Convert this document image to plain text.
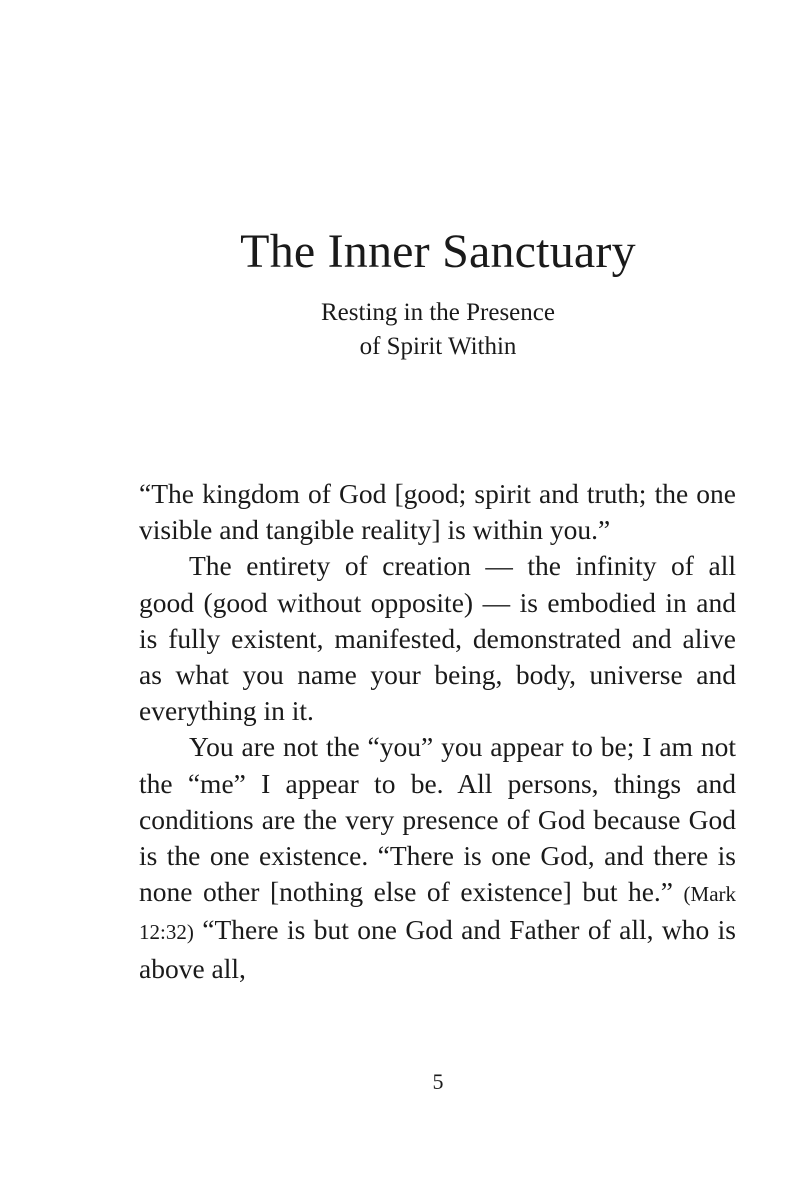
The Inner Sanctuary
Resting in the Presence
of Spirit Within

“The kingdom of God [good; spirit and truth; the one visible and tangible reality] is within you.”

The entirety of creation — the infinity of all good (good without opposite) — is embodied in and is fully existent, manifested, demonstrated and alive as what you name your being, body, universe and everything in it.

You are not the “you” you appear to be; I am not the “me” I appear to be. All persons, things and conditions are the very presence of God because God is the one existence. “There is one God, and there is none other [nothing else of existence] but he.” (Mark 12:32) “There is but one God and Father of all, who is above all,

5
